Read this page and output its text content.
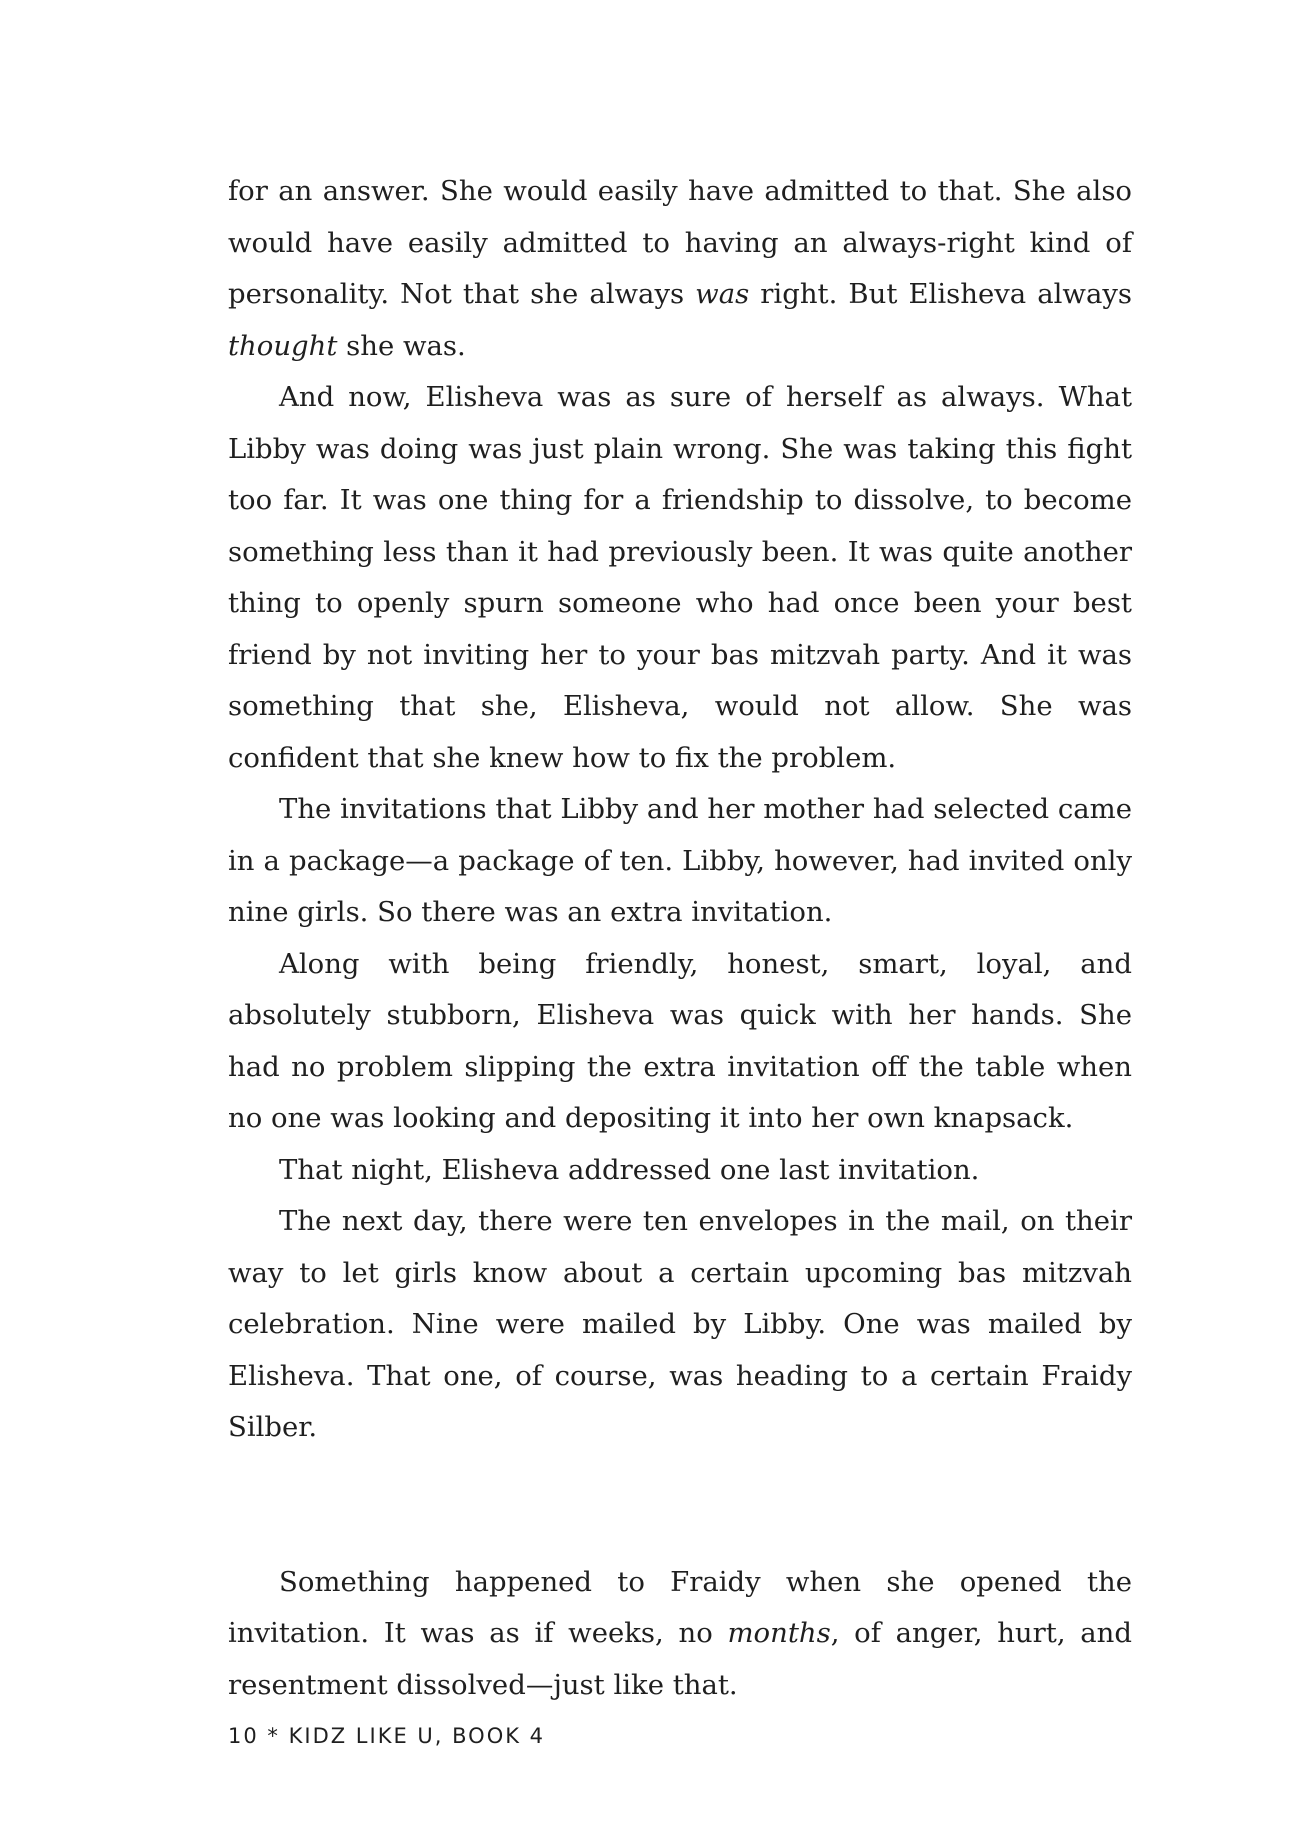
for an answer. She would easily have admitted to that. She also would have easily admitted to having an always-right kind of personality. Not that she always was right. But Elisheva always thought she was.

And now, Elisheva was as sure of herself as always. What Libby was doing was just plain wrong. She was taking this fight too far. It was one thing for a friendship to dissolve, to become something less than it had previously been. It was quite another thing to openly spurn someone who had once been your best friend by not inviting her to your bas mitzvah party. And it was something that she, Elisheva, would not allow. She was confident that she knew how to fix the problem.

The invitations that Libby and her mother had selected came in a package—a package of ten. Libby, however, had invited only nine girls. So there was an extra invitation.

Along with being friendly, honest, smart, loyal, and absolutely stubborn, Elisheva was quick with her hands. She had no problem slipping the extra invitation off the table when no one was looking and depositing it into her own knapsack.

That night, Elisheva addressed one last invitation.

The next day, there were ten envelopes in the mail, on their way to let girls know about a certain upcoming bas mitzvah celebration. Nine were mailed by Libby. One was mailed by Elisheva. That one, of course, was heading to a certain Fraidy Silber.

Something happened to Fraidy when she opened the invitation. It was as if weeks, no months, of anger, hurt, and resentment dissolved—just like that.

10 * KIDZ LIKE U, BOOK 4
